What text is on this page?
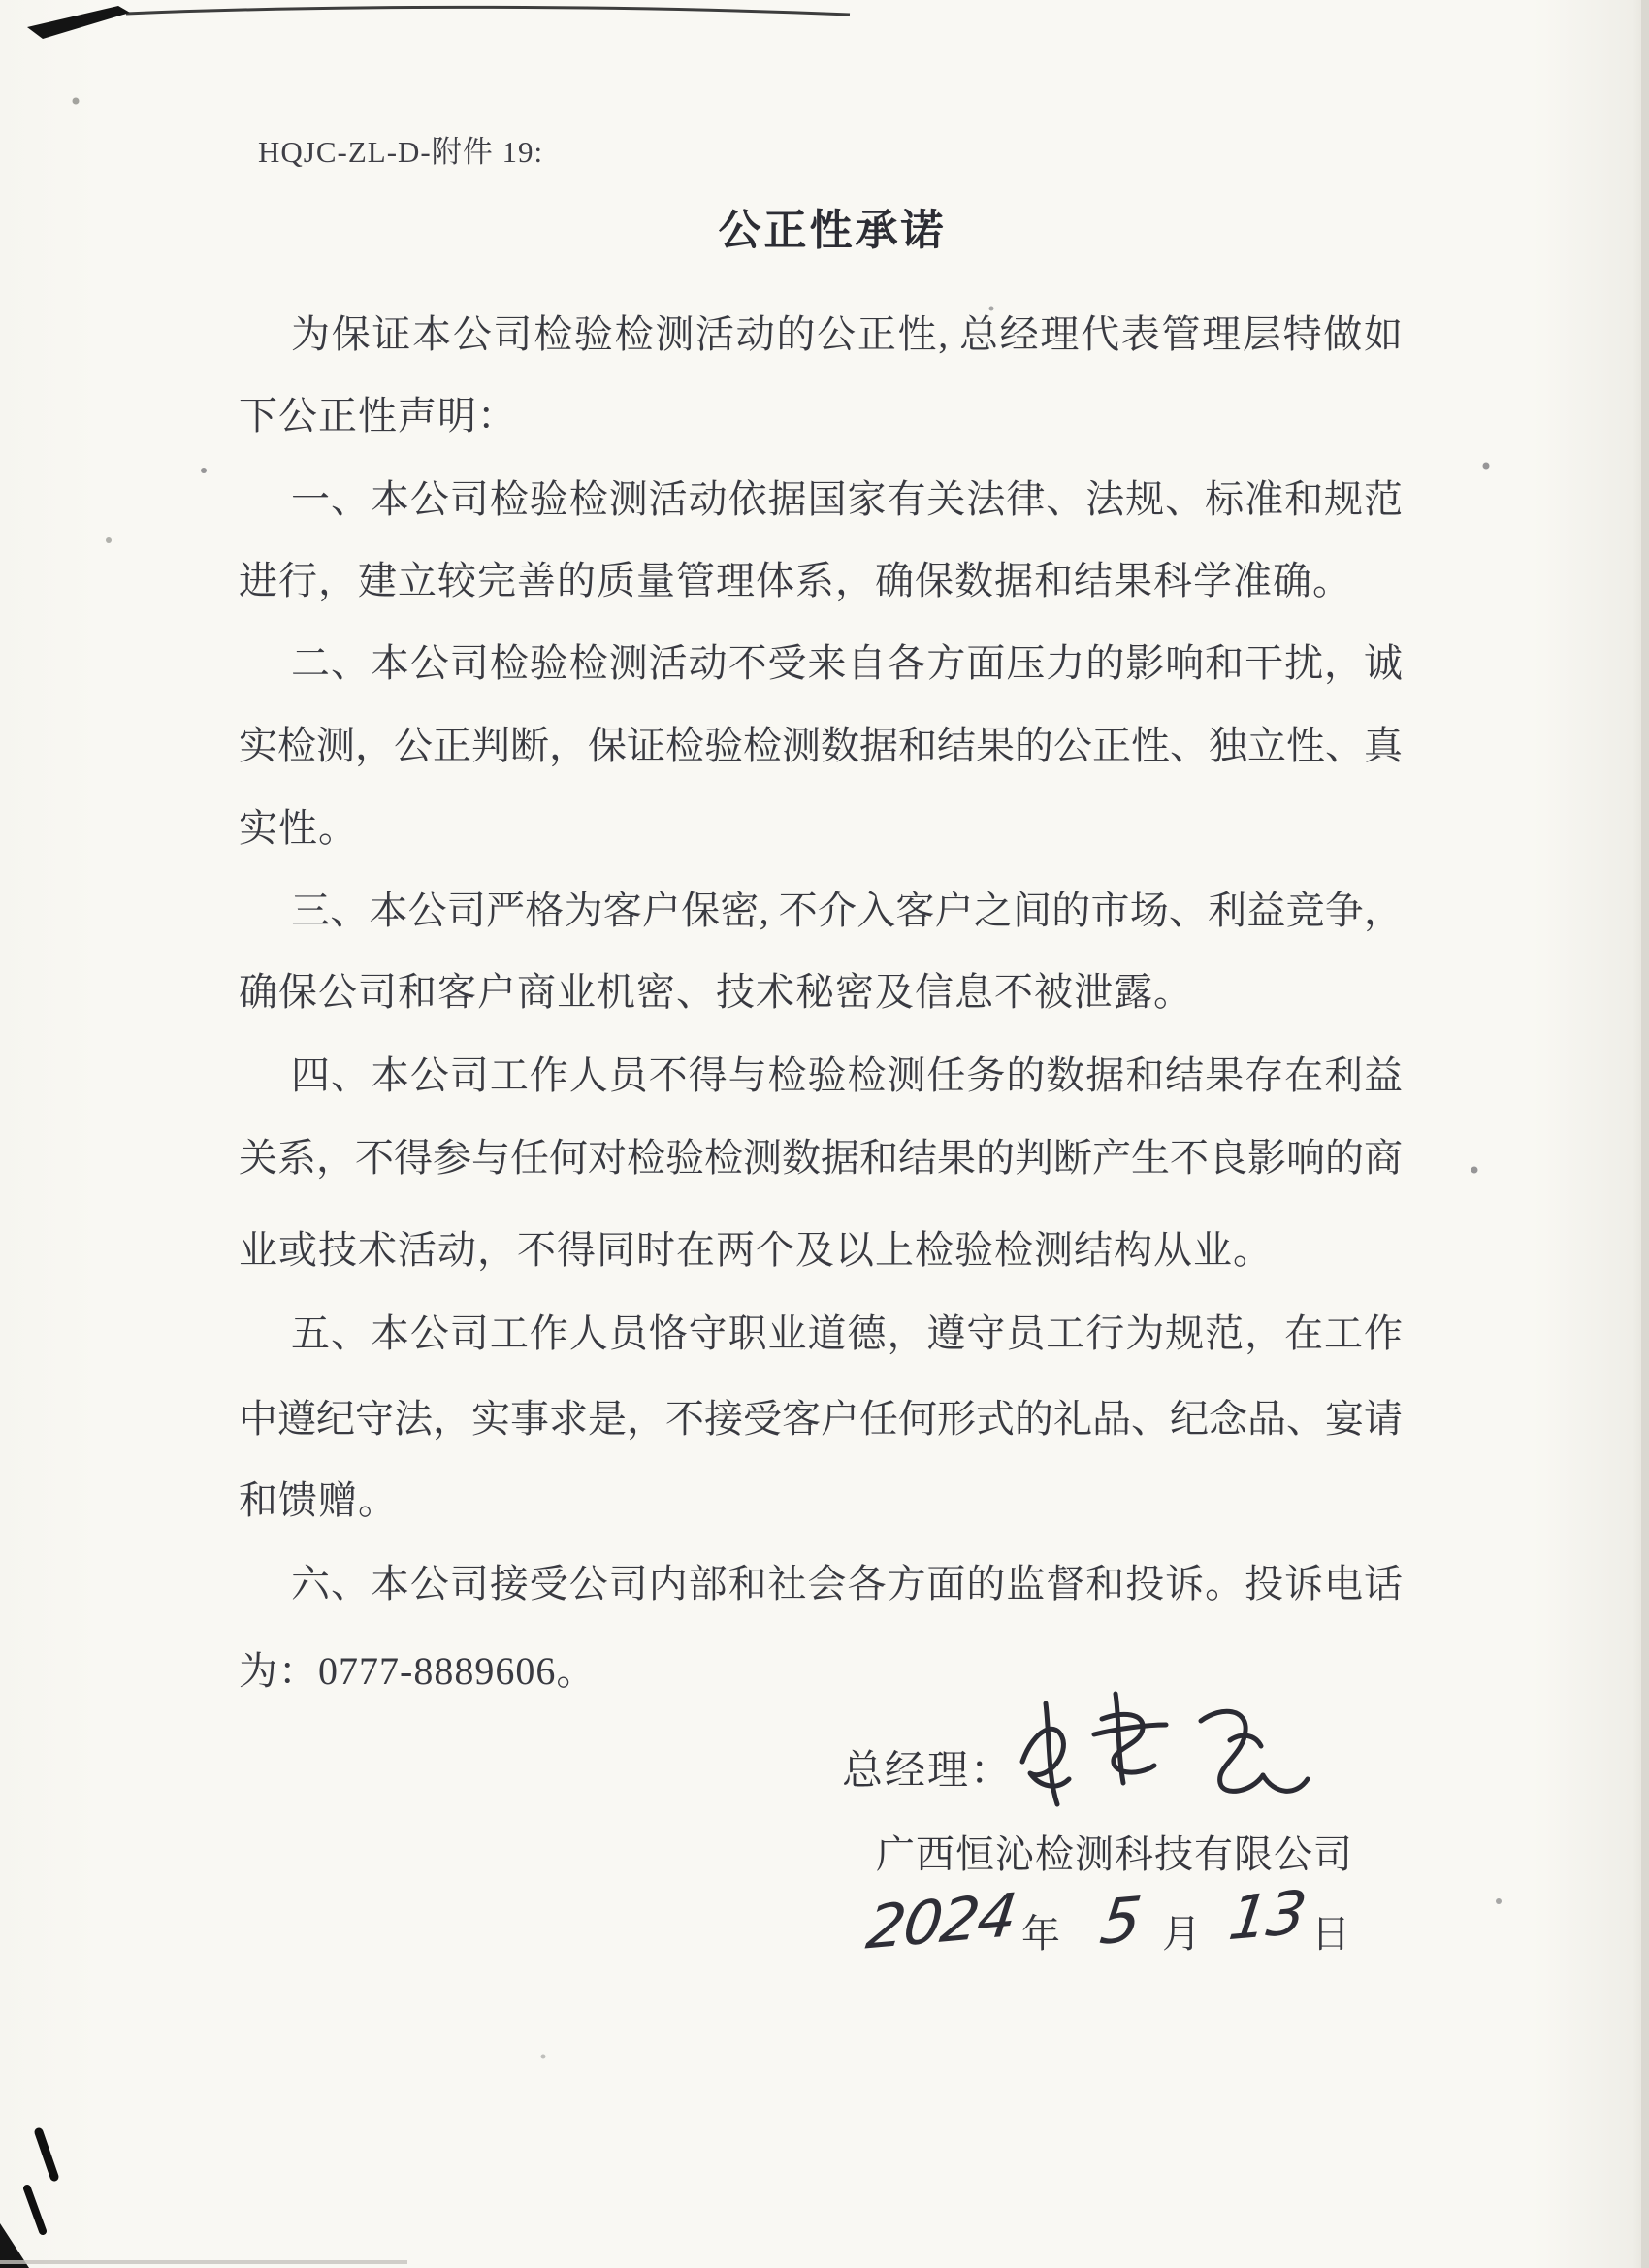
HQJC-ZL-D-附件 19:
公正性承诺
为保证本公司检验检测活动的公正性, 总经理代表管理层特做如
下公正性声明：
一、本公司检验检测活动依据国家有关法律、法规、标准和规范
进行，建立较完善的质量管理体系，确保数据和结果科学准确。
二、本公司检验检测活动不受来自各方面压力的影响和干扰，诚
实检测，公正判断，保证检验检测数据和结果的公正性、独立性、真
实性。
三、本公司严格为客户保密, 不介入客户之间的市场、利益竞争，
确保公司和客户商业机密、技术秘密及信息不被泄露。
四、本公司工作人员不得与检验检测任务的数据和结果存在利益
关系，不得参与任何对检验检测数据和结果的判断产生不良影响的商
业或技术活动，不得同时在两个及以上检验检测结构从业。
五、本公司工作人员恪守职业道德，遵守员工行为规范，在工作
中遵纪守法，实事求是，不接受客户任何形式的礼品、纪念品、宴请
和馈赠。
六、本公司接受公司内部和社会各方面的监督和投诉。投诉电话
为：0777-8889606。
总经理：
广西恒沁检测科技有限公司
2024 年 5 月 13 日
